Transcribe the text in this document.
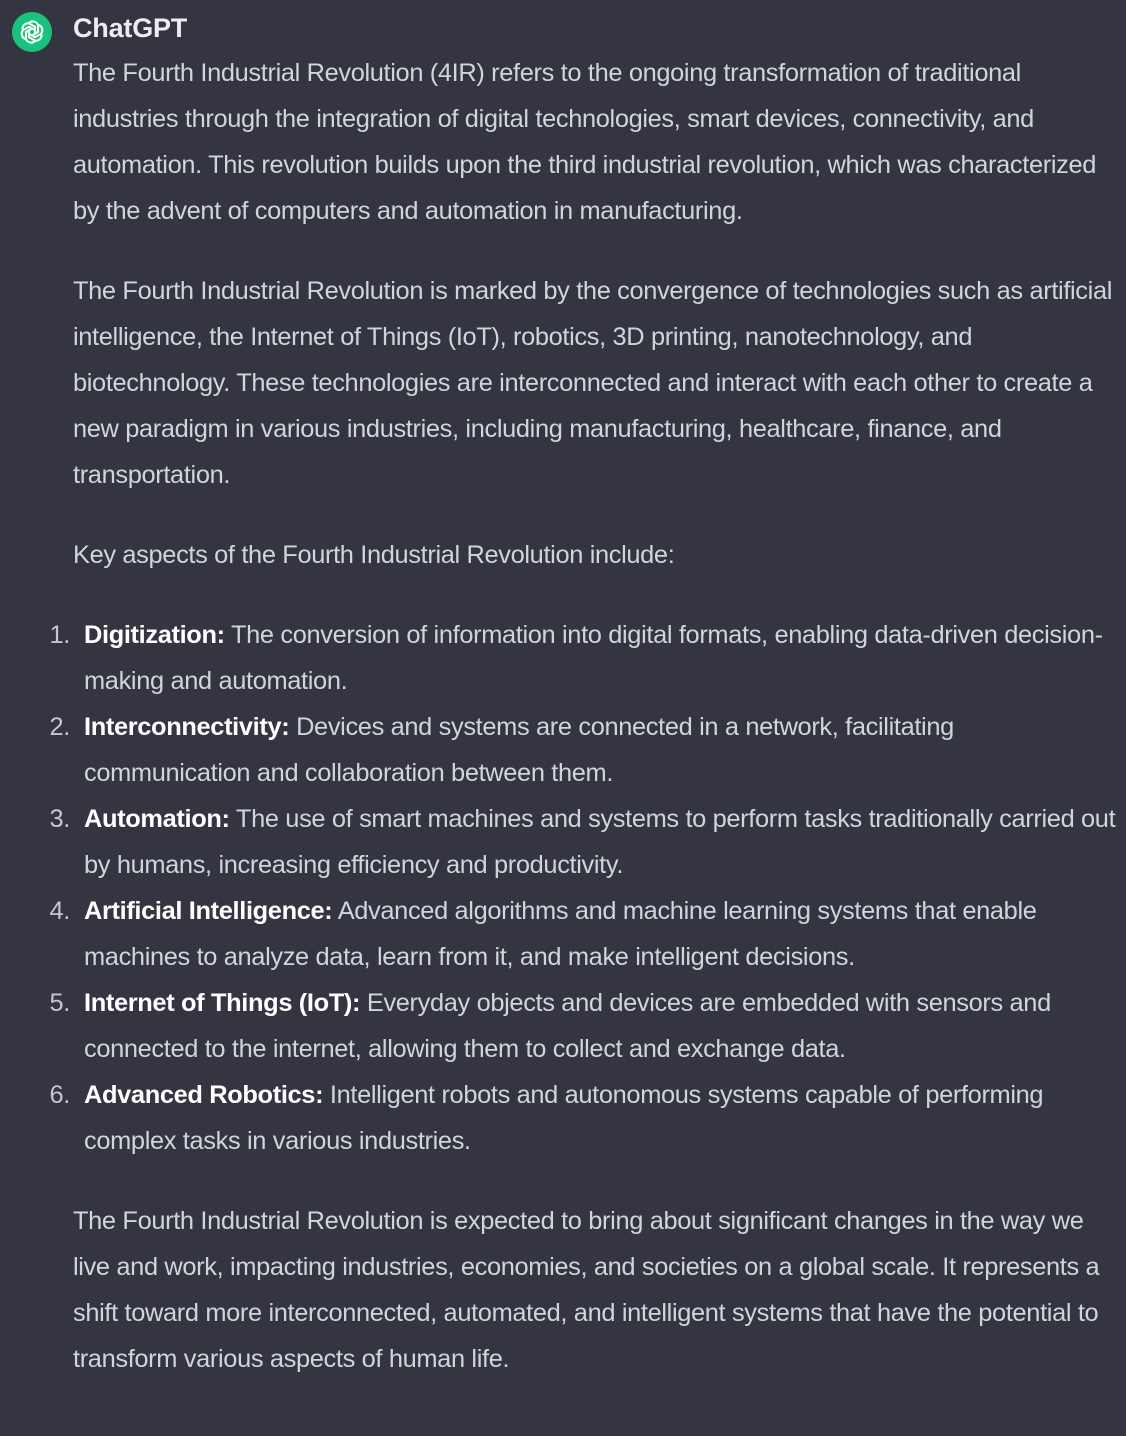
ChatGPT

The Fourth Industrial Revolution (4IR) refers to the ongoing transformation of traditional industries through the integration of digital technologies, smart devices, connectivity, and automation. This revolution builds upon the third industrial revolution, which was characterized by the advent of computers and automation in manufacturing.

The Fourth Industrial Revolution is marked by the convergence of technologies such as artificial intelligence, the Internet of Things (IoT), robotics, 3D printing, nanotechnology, and biotechnology. These technologies are interconnected and interact with each other to create a new paradigm in various industries, including manufacturing, healthcare, finance, and transportation.

Key aspects of the Fourth Industrial Revolution include:

1. Digitization: The conversion of information into digital formats, enabling data-driven decision-making and automation.
2. Interconnectivity: Devices and systems are connected in a network, facilitating communication and collaboration between them.
3. Automation: The use of smart machines and systems to perform tasks traditionally carried out by humans, increasing efficiency and productivity.
4. Artificial Intelligence: Advanced algorithms and machine learning systems that enable machines to analyze data, learn from it, and make intelligent decisions.
5. Internet of Things (IoT): Everyday objects and devices are embedded with sensors and connected to the internet, allowing them to collect and exchange data.
6. Advanced Robotics: Intelligent robots and autonomous systems capable of performing complex tasks in various industries.

The Fourth Industrial Revolution is expected to bring about significant changes in the way we live and work, impacting industries, economies, and societies on a global scale. It represents a shift toward more interconnected, automated, and intelligent systems that have the potential to transform various aspects of human life.
